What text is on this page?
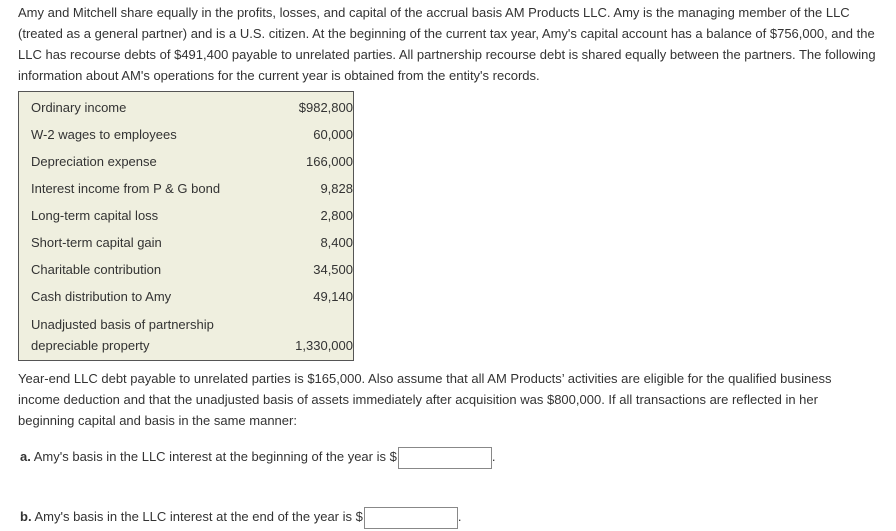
Amy and Mitchell share equally in the profits, losses, and capital of the accrual basis AM Products LLC. Amy is the managing member of the LLC (treated as a general partner) and is a U.S. citizen. At the beginning of the current tax year, Amy's capital account has a balance of $756,000, and the LLC has recourse debts of $491,400 payable to unrelated parties. All partnership recourse debt is shared equally between the partners. The following information about AM's operations for the current year is obtained from the entity's records.

Ordinary income	$982,800
W-2 wages to employees	60,000
Depreciation expense	166,000
Interest income from P & G bond	9,828
Long-term capital loss	2,800
Short-term capital gain	8,400
Charitable contribution	34,500
Cash distribution to Amy	49,140
Unadjusted basis of partnership
depreciable property	1,330,000

Year-end LLC debt payable to unrelated parties is $165,000. Also assume that all AM Products’ activities are eligible for the qualified business income deduction and that the unadjusted basis of assets immediately after acquisition was $800,000. If all transactions are reflected in her beginning capital and basis in the same manner:

a. Amy's basis in the LLC interest at the beginning of the year is $	.
b. Amy's basis in the LLC interest at the end of the year is $	.
